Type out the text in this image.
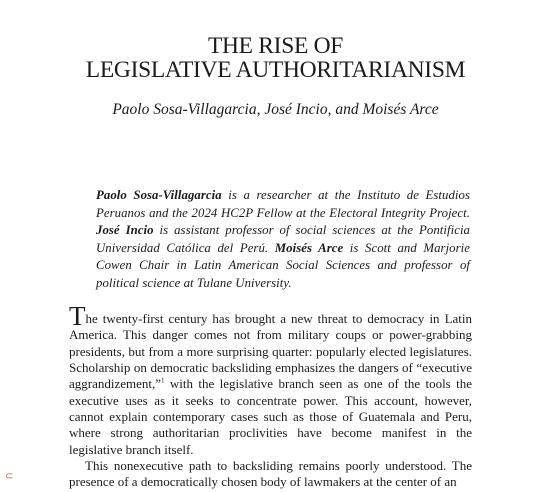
THE RISE OF
LEGISLATIVE AUTHORITARIANISM

Paolo Sosa-Villagarcia, José Incio, and Moisés Arce

Paolo Sosa-Villagarcia is a researcher at the Instituto de Estudios Peruanos and the 2024 HC2P Fellow at the Electoral Integrity Project. José Incio is assistant professor of social sciences at the Pontificia Universidad Católica del Perú. Moisés Arce is Scott and Marjorie Cowen Chair in Latin American Social Sciences and professor of political science at Tulane University.

The twenty-first century has brought a new threat to democracy in Latin America. This danger comes not from military coups or power-grabbing presidents, but from a more surprising quarter: popularly elected legislatures. Scholarship on democratic backsliding emphasizes the dangers of “executive aggrandizement,”$^1$ with the legislative branch seen as one of the tools the executive uses as it seeks to concentrate power. This account, however, cannot explain contemporary cases such as those of Guatemala and Peru, where strong authoritarian proclivities have become manifest in the legislative branch itself.

This nonexecutive path to backsliding remains poorly understood. The presence of a democratically chosen body of lawmakers at the center of an

⊂
